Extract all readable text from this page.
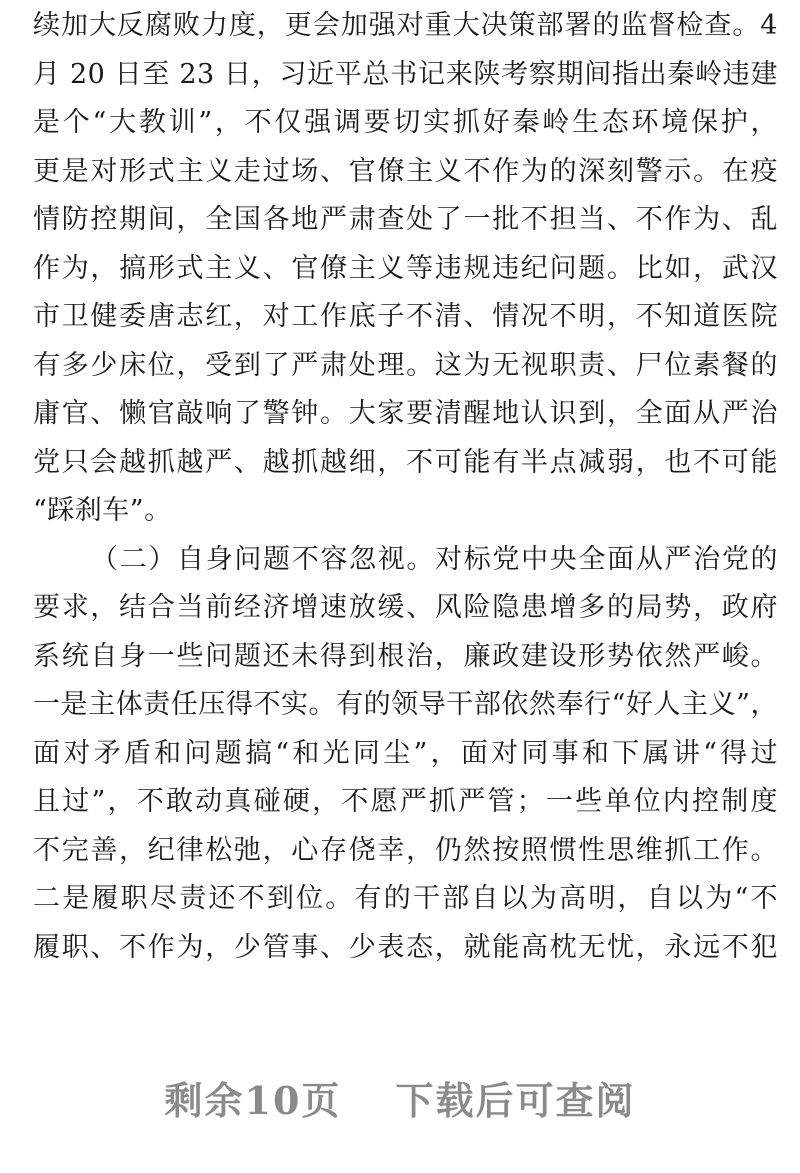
续加大反腐败力度，更会加强对重大决策部署的监督检查。4
月 20 日至 23 日，习近平总书记来陕考察期间指出秦岭违建
是个“大教训”，不仅强调要切实抓好秦岭生态环境保护，
更是对形式主义走过场、官僚主义不作为的深刻警示。在疫
情防控期间，全国各地严肃查处了一批不担当、不作为、乱
作为，搞形式主义、官僚主义等违规违纪问题。比如，武汉
市卫健委唐志红，对工作底子不清、情况不明，不知道医院
有多少床位，受到了严肃处理。这为无视职责、尸位素餐的
庸官、懒官敲响了警钟。大家要清醒地认识到，全面从严治
党只会越抓越严、越抓越细，不可能有半点减弱，也不可能
“踩刹车”。
（二）自身问题不容忽视。对标党中央全面从严治党的
要求，结合当前经济增速放缓、风险隐患增多的局势，政府
系统自身一些问题还未得到根治，廉政建设形势依然严峻。
一是主体责任压得不实。有的领导干部依然奉行“好人主义”，
面对矛盾和问题搞“和光同尘”，面对同事和下属讲“得过
且过”，不敢动真碰硬，不愿严抓严管；一些单位内控制度
不完善，纪律松弛，心存侥幸，仍然按照惯性思维抓工作。
二是履职尽责还不到位。有的干部自以为高明，自以为“不
履职、不作为，少管事、少表态，就能高枕无忧，永远不犯
剩余10页 下载后可查阅
